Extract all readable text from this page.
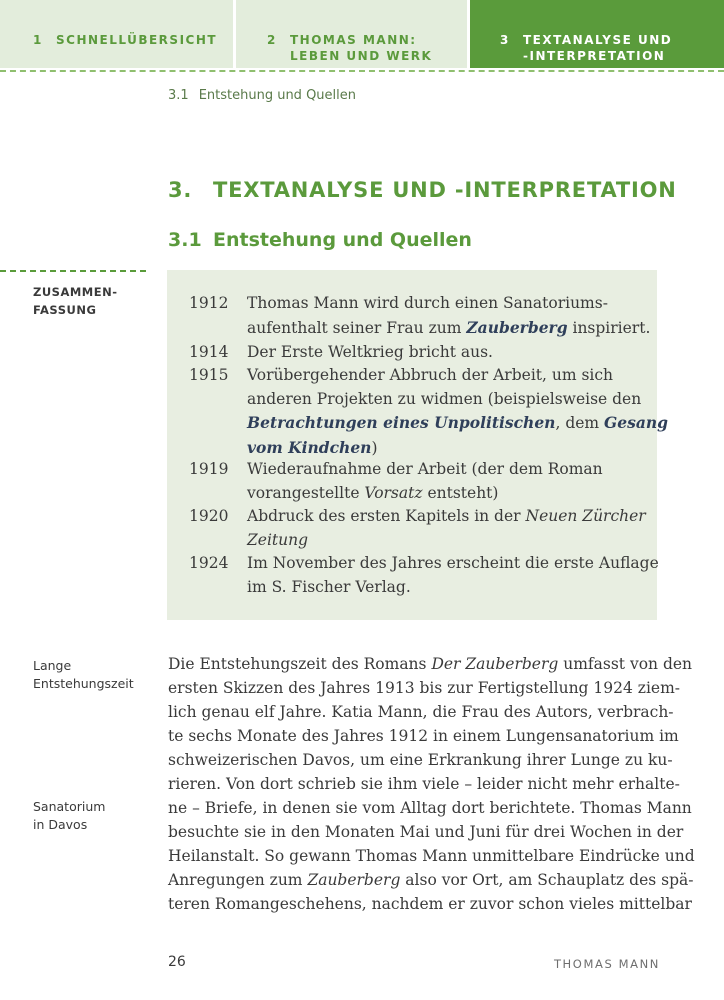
1 SCHNELLÜBERSICHT	2 THOMAS MANN:
LEBEN UND WERK
3 TEXTANALYSE UND
-INTERPRETATION
3.1 Entstehung und Quellen
3. TEXTANALYSE UND -INTERPRETATION
3.1 Entstehung und Quellen
ZUSAMMEN-
FASSUNG
Lange
Entstehungszeit
Sanatorium
in Davos
1912 Thomas Mann wird durch einen Sanatoriums-
aufenthalt seiner Frau zum Zauberberg inspiriert.
1914 Der Erste Weltkrieg bricht aus.
1915 Vorübergehender Abbruch der Arbeit, um sich
anderen Projekten zu widmen (beispielsweise den
Betrachtungen eines Unpolitischen, dem Gesang
vom Kindchen)
1919 Wiederaufnahme der Arbeit (der dem Roman
vorangestellte Vorsatz entsteht)
1920 Abdruck des ersten Kapitels in der Neuen Zürcher
Zeitung
1924 Im November des Jahres erscheint die erste Auflage
im S. Fischer Verlag.
Die Entstehungszeit des Romans Der Zauberberg umfasst von den
ersten Skizzen des Jahres 1913 bis zur Fertigstellung 1924 ziem-
lich genau elf Jahre. Katia Mann, die Frau des Autors, verbrach-
te sechs Monate des Jahres 1912 in einem Lungensanatorium im
schweizerischen Davos, um eine Erkrankung ihrer Lunge zu ku-
rieren. Von dort schrieb sie ihm viele – leider nicht mehr erhalte-
ne – Briefe, in denen sie vom Alltag dort berichtete. Thomas Mann
besuchte sie in den Monaten Mai und Juni für drei Wochen in der
Heilanstalt. So gewann Thomas Mann unmittelbare Eindrücke und
Anregungen zum Zauberberg also vor Ort, am Schauplatz des spä-
teren Romangeschehens, nachdem er zuvor schon vieles mittelbar
26	THOMAS MANN
